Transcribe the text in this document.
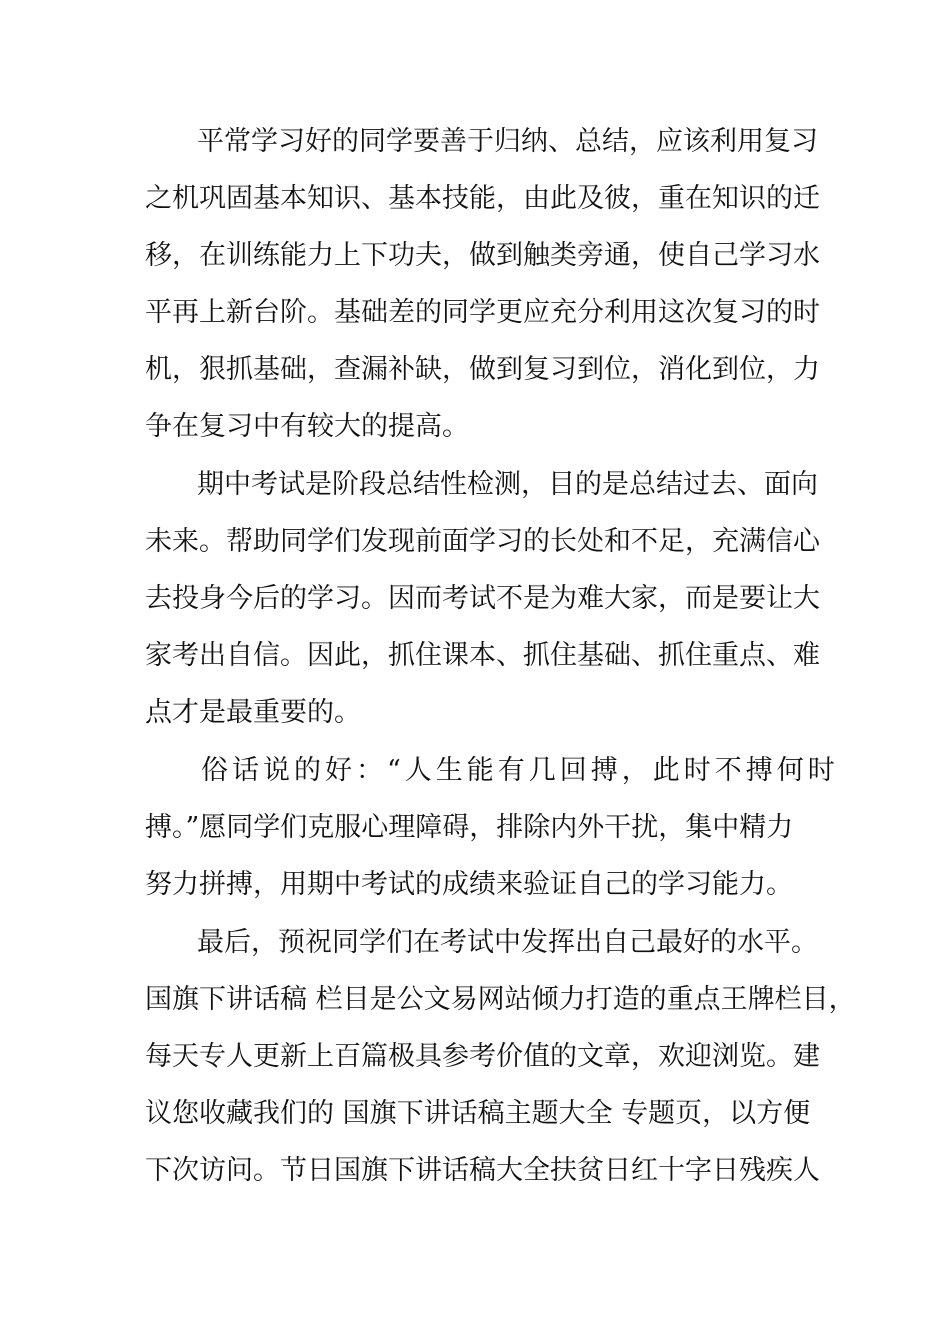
平常学习好的同学要善于归纳、总结，应该利用复习
之机巩固基本知识、基本技能，由此及彼，重在知识的迁
移，在训练能力上下功夫，做到触类旁通，使自己学习水
平再上新台阶。基础差的同学更应充分利用这次复习的时
机，狠抓基础，查漏补缺，做到复习到位，消化到位，力
争在复习中有较大的提高。
期中考试是阶段总结性检测，目的是总结过去、面向
未来。帮助同学们发现前面学习的长处和不足，充满信心
去投身今后的学习。因而考试不是为难大家，而是要让大
家考出自信。因此，抓住课本、抓住基础、抓住重点、难
点才是最重要的。
俗话说的好：“人生能有几回搏，此时不搏何时
搏。”愿同学们克服心理障碍，排除内外干扰，集中精力
努力拼搏，用期中考试的成绩来验证自己的学习能力。
最后，预祝同学们在考试中发挥出自己最好的水平。
国旗下讲话稿 栏目是公文易网站倾力打造的重点王牌栏目，
每天专人更新上百篇极具参考价值的文章，欢迎浏览。建
议您收藏我们的 国旗下讲话稿主题大全 专题页，以方便
下次访问。节日国旗下讲话稿大全扶贫日红十字日残疾人
